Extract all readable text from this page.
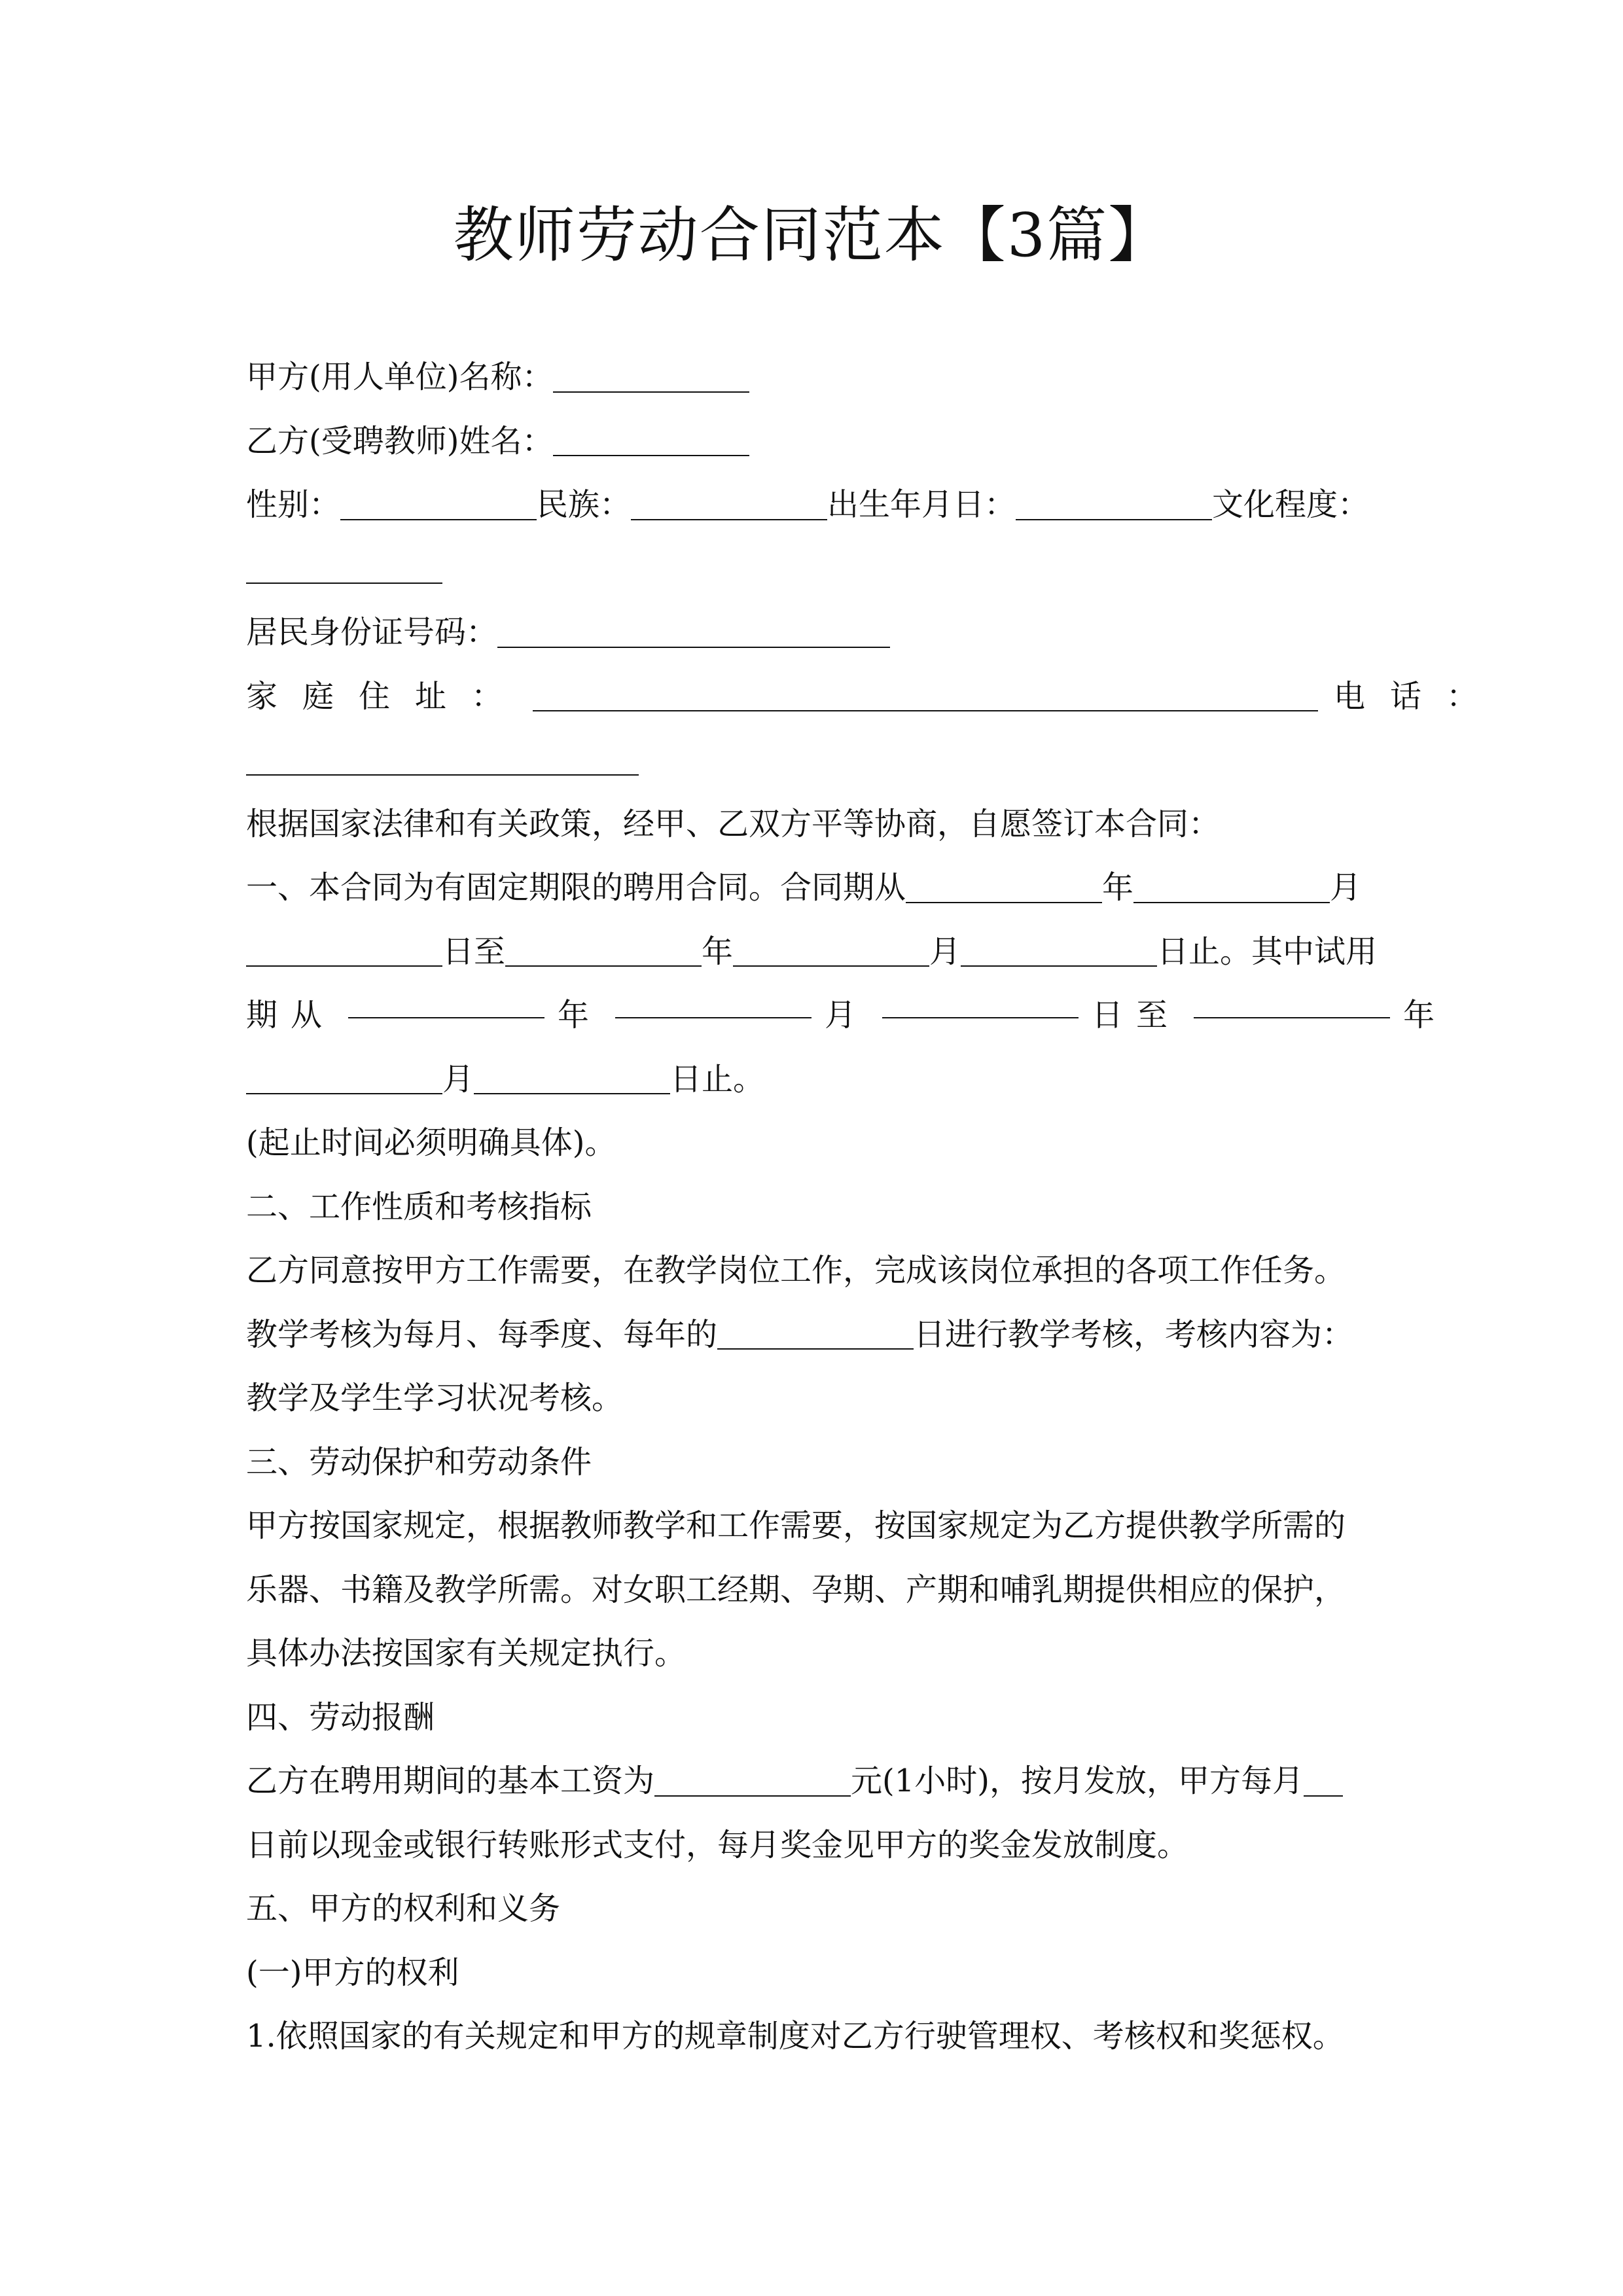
教师劳动合同范本【3篇】
甲方(用人单位)名称：
乙方(受聘教师)姓名：
性别：	民族：	出生年月日：	文化程度：
居民身份证号码：
家庭住址：	电话：
根据国家法律和有关政策，经甲、乙双方平等协商，自愿签订本合同：
一、本合同为有固定期限的聘用合同。合同期从	年	月
日至	年	月	日止。其中试用
期从	年	月	日至	年
月	日止。
(起止时间必须明确具体)。
二、工作性质和考核指标
乙方同意按甲方工作需要，在教学岗位工作，完成该岗位承担的各项工作任务。
教学考核为每月、每季度、每年的	日进行教学考核，考核内容为：
教学及学生学习状况考核。
三、劳动保护和劳动条件
甲方按国家规定，根据教师教学和工作需要，按国家规定为乙方提供教学所需的
乐器、书籍及教学所需。对女职工经期、孕期、产期和哺乳期提供相应的保护，
具体办法按国家有关规定执行。
四、劳动报酬
乙方在聘用期间的基本工资为	元(1小时)，按月发放，甲方每月
日前以现金或银行转账形式支付，每月奖金见甲方的奖金发放制度。
五、甲方的权利和义务
(一)甲方的权利
1.依照国家的有关规定和甲方的规章制度对乙方行驶管理权、考核权和奖惩权。
